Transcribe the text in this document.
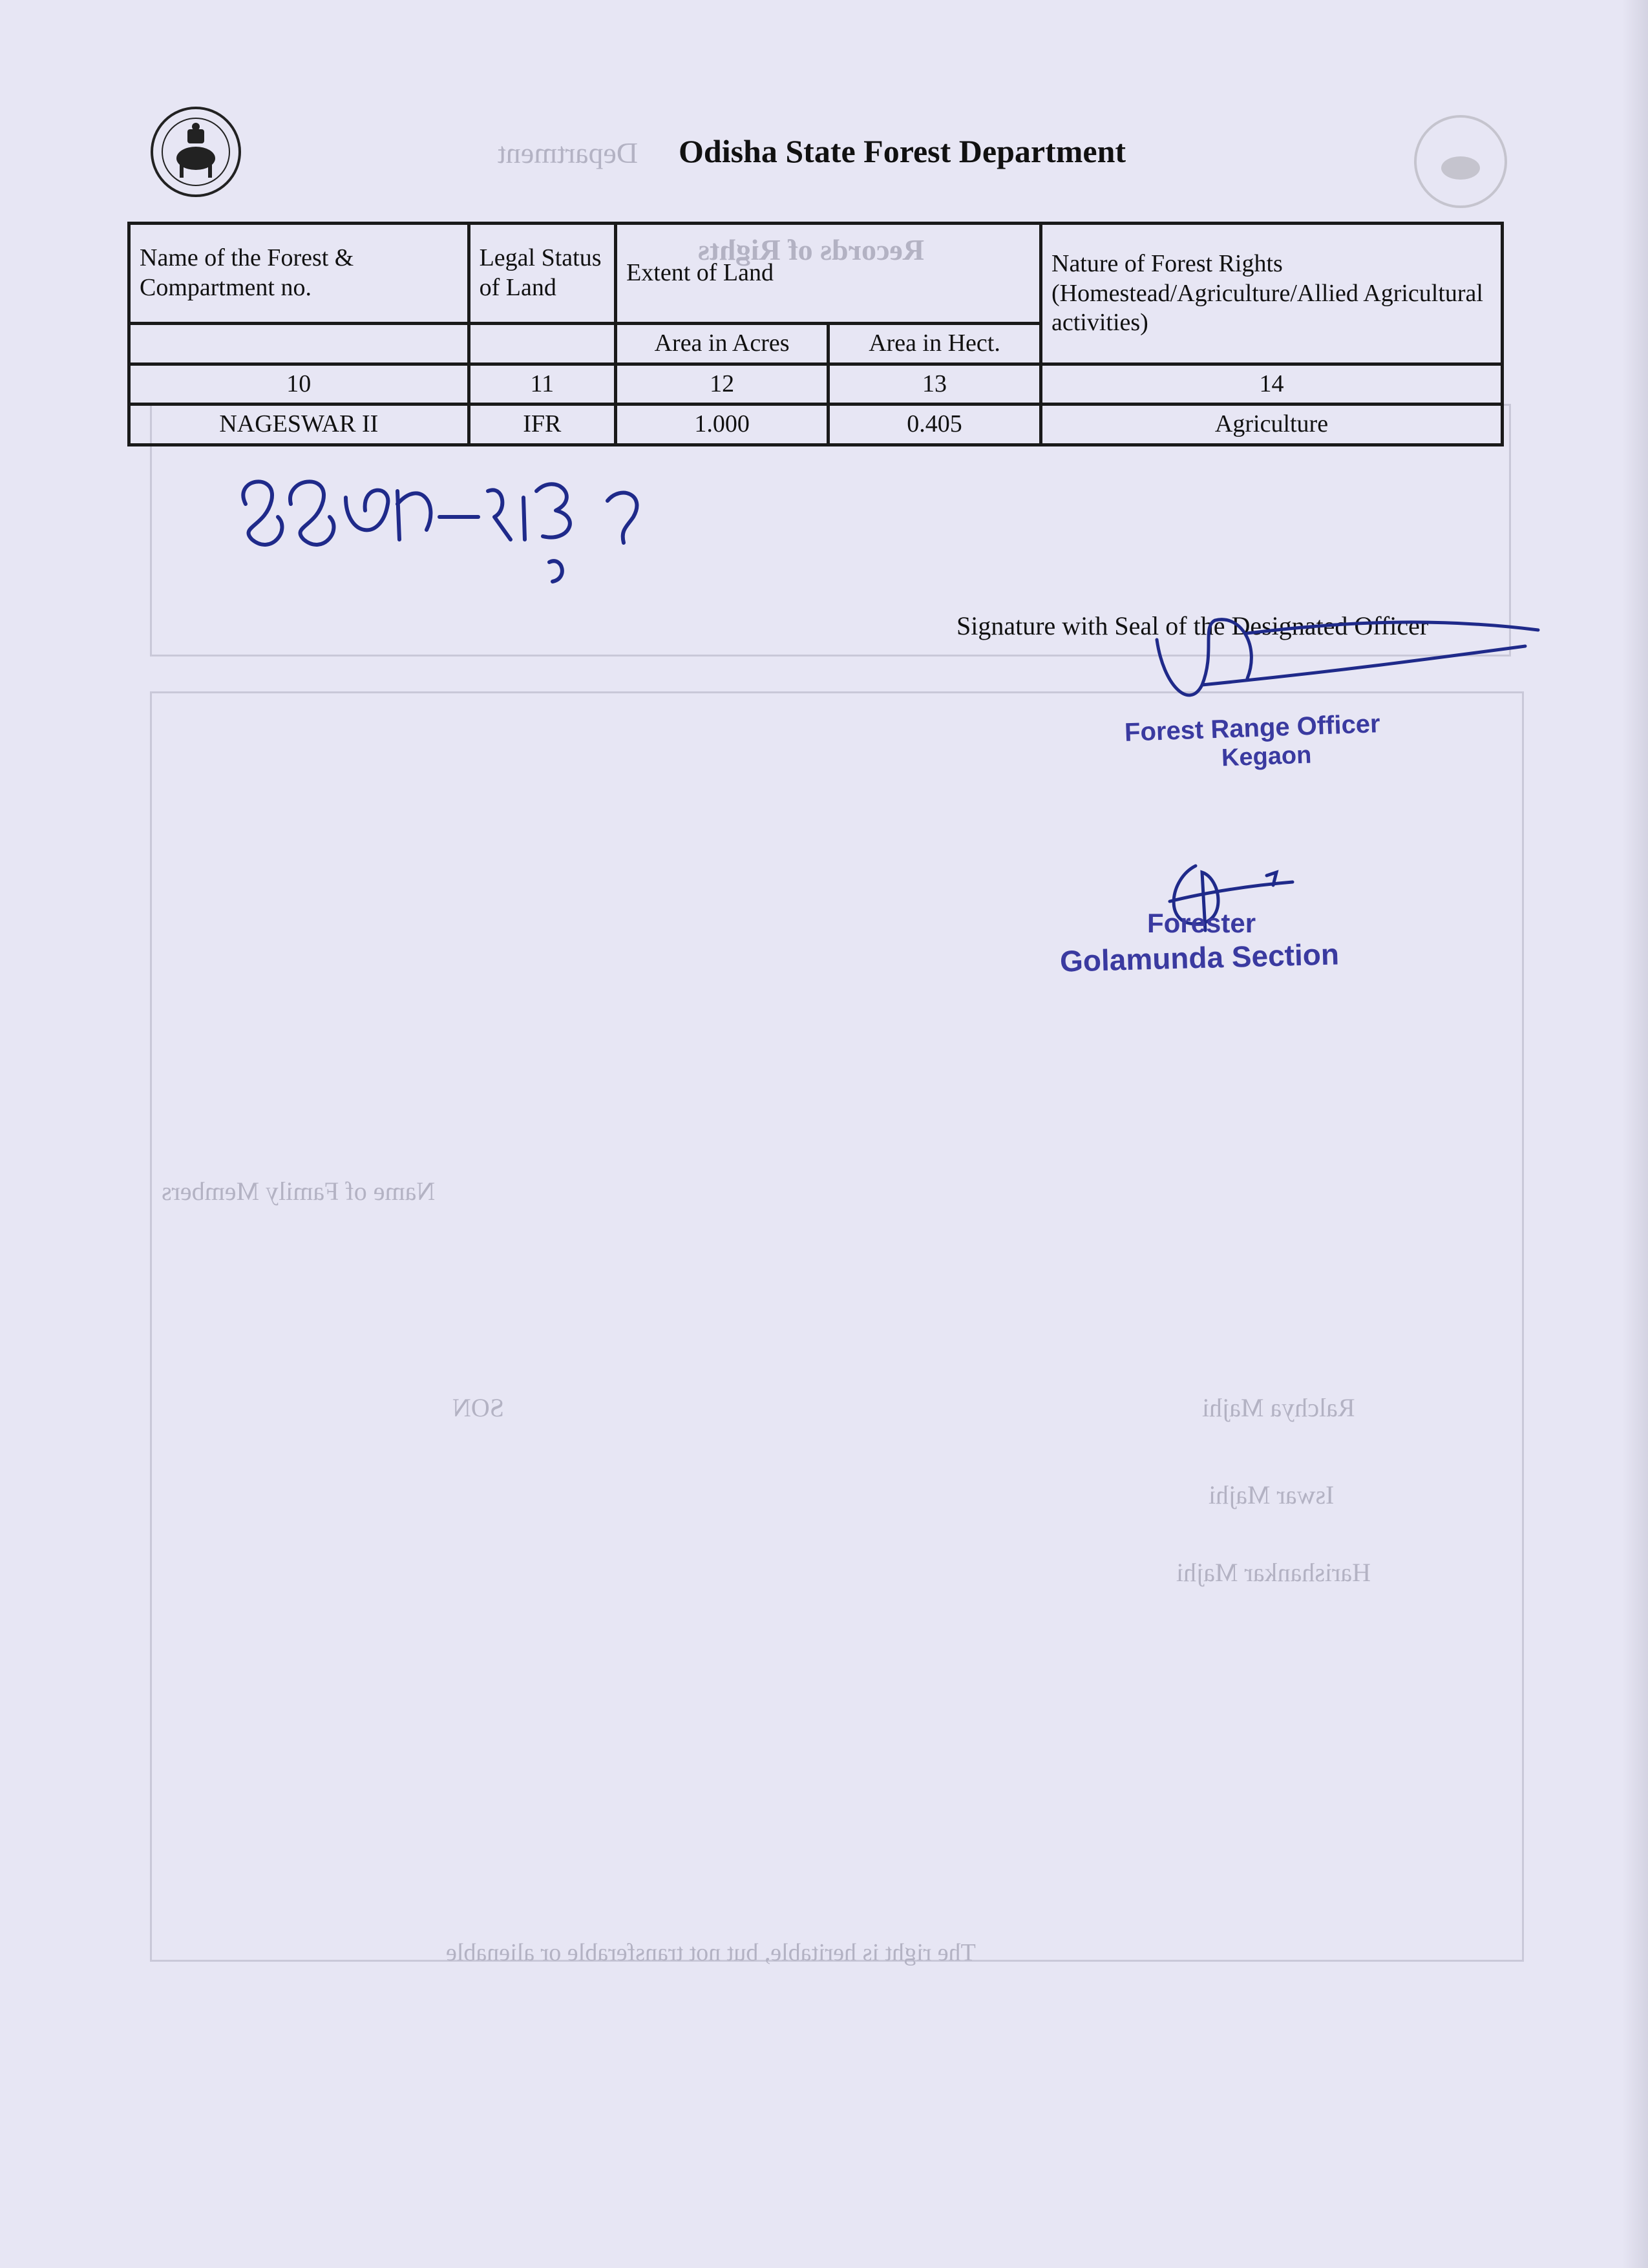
Department
Records of Rights
Name of Family Members
Ralchya Majhi
SON
Iswar Majhi
Harishankar Majhi
The right is heritable, but not transferable or alienable
Odisha State Forest Department
Name of the Forest & Compartment no.	Legal Status of Land	Extent of Land		Nature of Forest Rights (Homestead/Agriculture/Allied Agricultural activities)
		Area in Acres	Area in Hect.	
10	11	12	13	14
NAGESWAR II	IFR	1.000	0.405	Agriculture
Signature with Seal of the Designated Officer
Forest Range Officer
Kegaon
Forester
Golamunda Section
